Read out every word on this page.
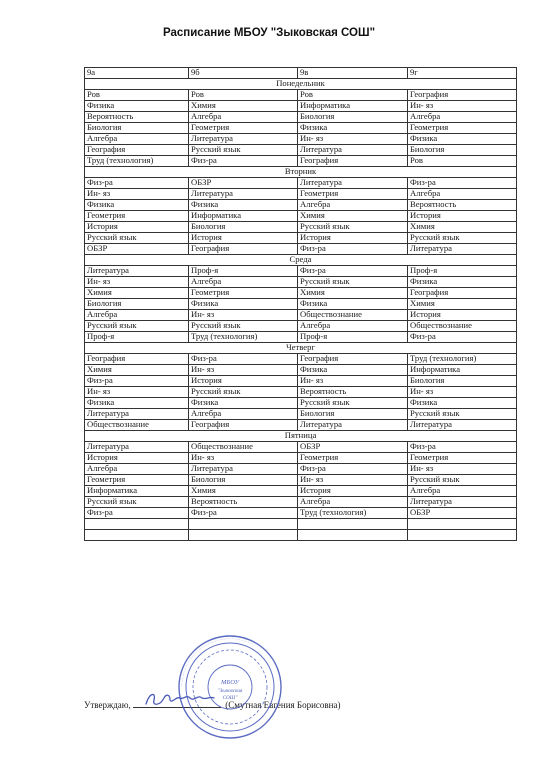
Расписание МБОУ "Зыковская СОШ"
9а	9б	9в	9г
Понедельник			
Ров	Ров	Ров	География
Физика	Химия	Информатика	Ин- яз
Вероятность	Алгебра	Биология	Алгебра
Биология	Геометрия	Физика	Геометрия
Алгебра	Литература	Ин- яз	Физика
География	Русский язык	Литература	Биология
Труд (технология)	Физ-ра	География	Ров
Вторник			
Физ-ра	ОБЗР	Литература	Физ-ра
Ин- яз	Литература	Геометрия	Алгебра
Физика	Физика	Алгебра	Вероятность
Геометрия	Информатика	Химия	История
История	Биология	Русский язык	Химия
Русский язык	История	История	Русский язык
ОБЗР	География	Физ-ра	Литература
Среда			
Литература	Проф-я	Физ-ра	Проф-я
Ин- яз	Алгебра	Русский язык	Физика
Химия	Геометрия	Химия	География
Биология	Физика	Физика	Химия
Алгебра	Ин- яз	Обществознание	История
Русский язык	Русский язык	Алгебра	Обществознание
Проф-я	Труд (технология)	Проф-я	Физ-ра
Четверг			
География	Физ-ра	География	Труд (технология)
Химия	Ин- яз	Физика	Информатика
Физ-ра	История	Ин- яз	Биология
Ин- яз	Русский язык	Вероятность	Ин- яз
Физика	Физика	Русский язык	Физика
Литература	Алгебра	Биология	Русский язык
Обществознание	География	Литература	Литература
Пятница			
Литература	Обществознание	ОБЗР	Физ-ра
История	Ин- яз	Геометрия	Геометрия
Алгебра	Литература	Физ-ра	Ин- яз
Геометрия	Биология	Ин- яз	Русский язык
Информатика	Химия	История	Алгебра
Русский язык	Вероятность	Алгебра	Литература
Физ-ра	Физ-ра	Труд (технология)	ОБЗР

Утверждаю,	(Смутная Евгения Борисовна)
·································································
МБОУ
"Зыковская
СОШ"
